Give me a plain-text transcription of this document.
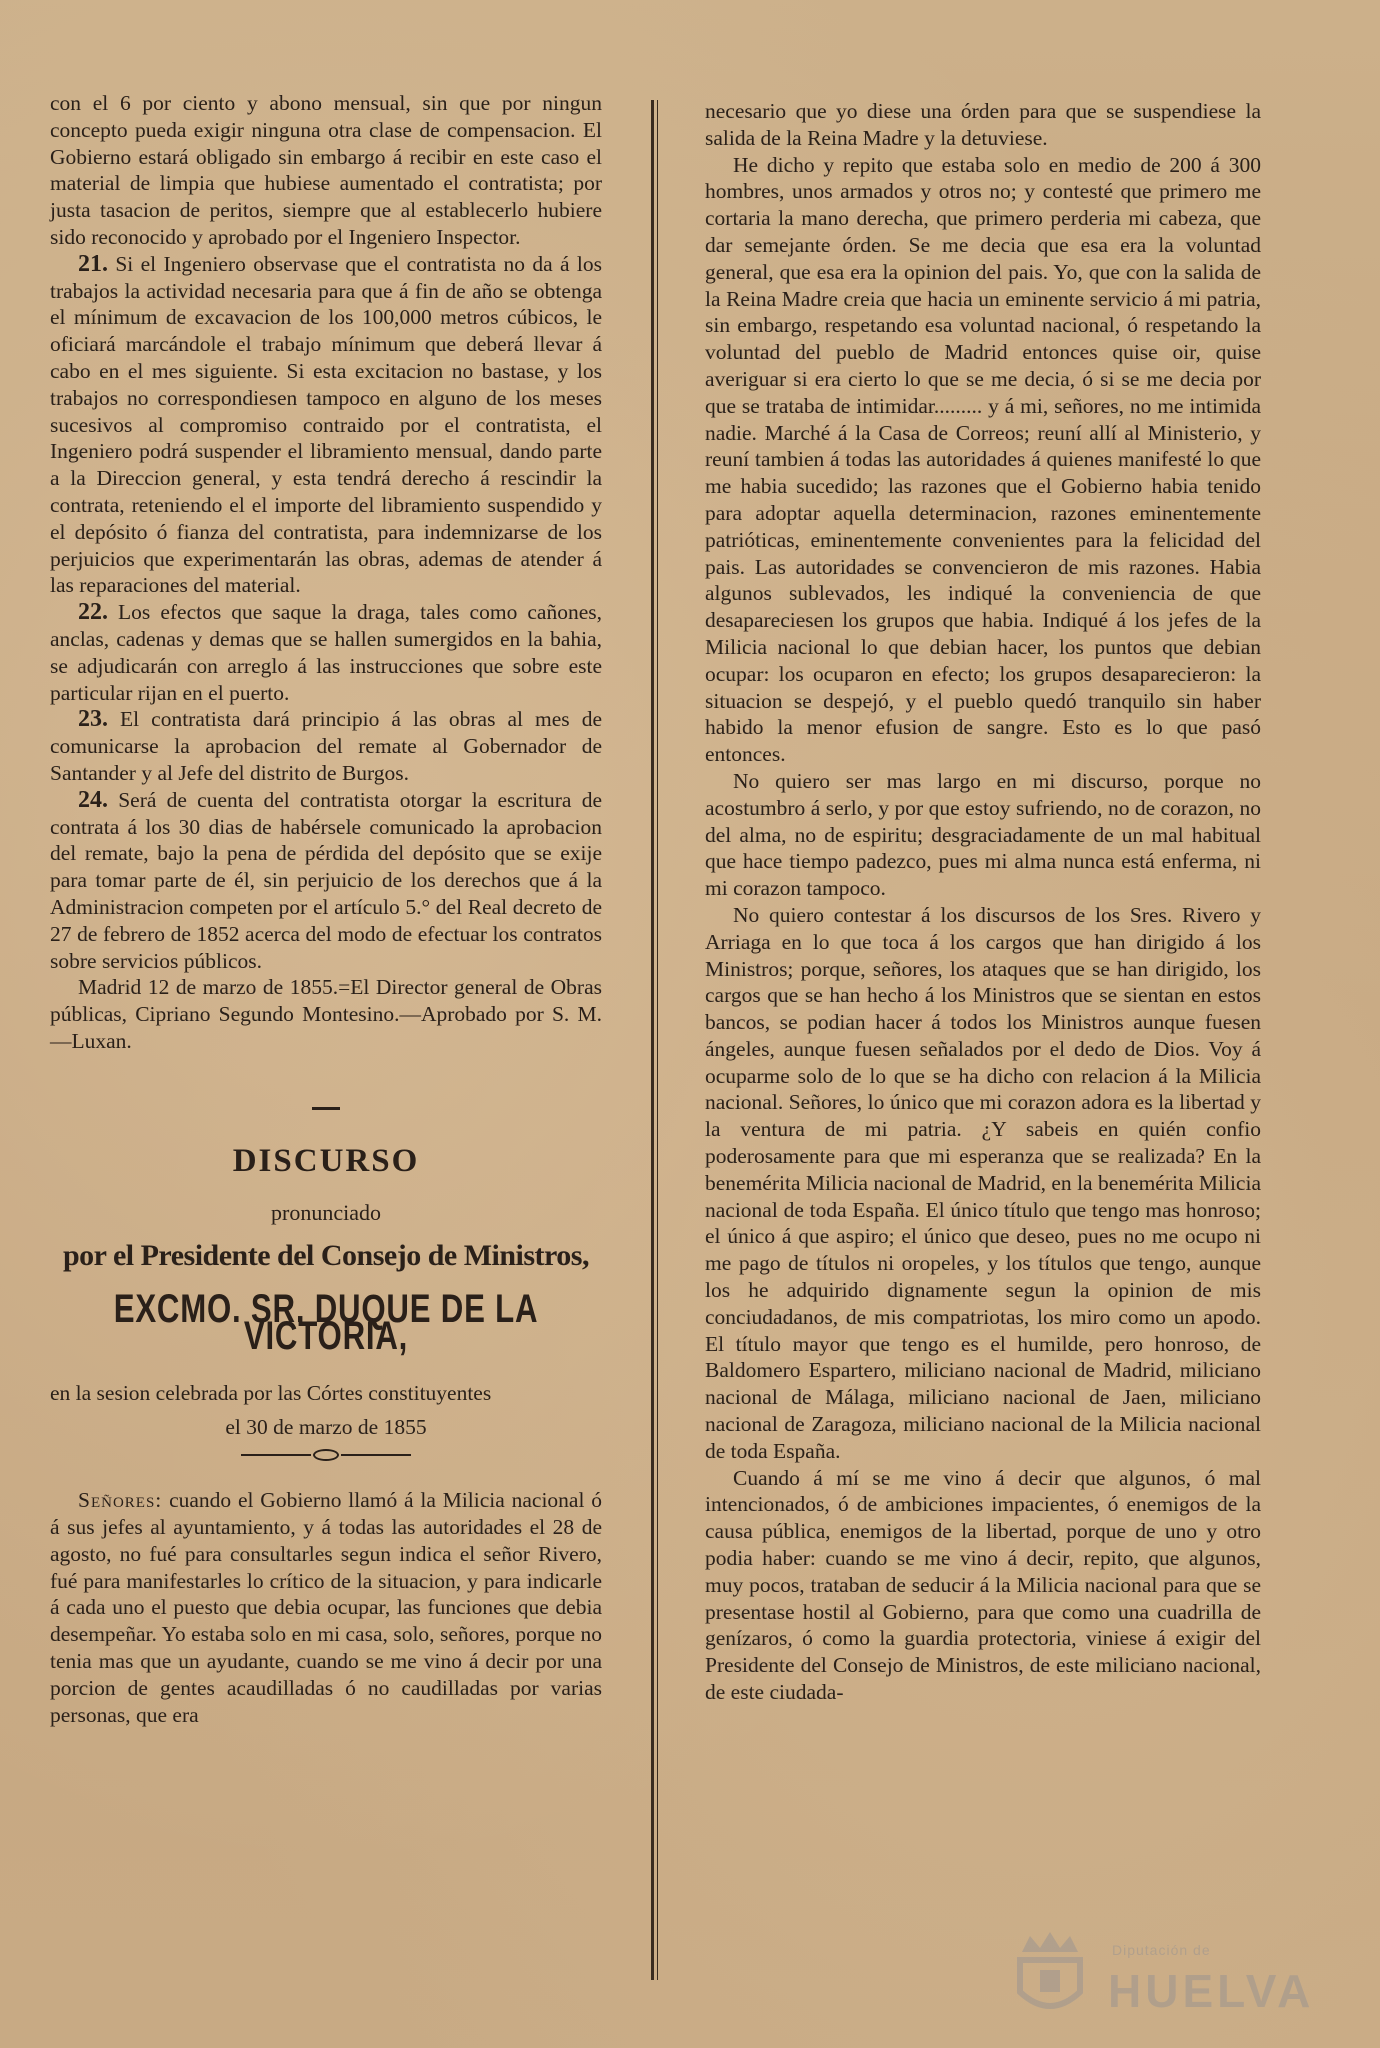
con el 6 por ciento y abono mensual, sin que por ningun concepto pueda exigir ninguna otra clase de compensacion. El Gobierno estará obligado sin embargo á recibir en este caso el material de limpia que hubiese aumentado el contratista; por justa tasacion de peritos, siempre que al establecerlo hubiere sido reconocido y aprobado por el Ingeniero Inspector.

21. Si el Ingeniero observase que el contratista no da á los trabajos la actividad necesaria para que á fin de año se obtenga el mínimum de excavacion de los 100,000 metros cúbicos, le oficiará marcándole el trabajo mínimum que deberá llevar á cabo en el mes siguiente. Si esta excitacion no bastase, y los trabajos no correspondiesen tampoco en alguno de los meses sucesivos al compromiso contraido por el contratista, el Ingeniero podrá suspender el libramiento mensual, dando parte a la Direccion general, y esta tendrá derecho á rescindir la contrata, reteniendo el el importe del libramiento suspendido y el depósito ó fianza del contratista, para indemnizarse de los perjuicios que experimentarán las obras, ademas de atender á las reparaciones del material.

22. Los efectos que saque la draga, tales como cañones, anclas, cadenas y demas que se hallen sumergidos en la bahia, se adjudicarán con arreglo á las instrucciones que sobre este particular rijan en el puerto.

23. El contratista dará principio á las obras al mes de comunicarse la aprobacion del remate al Gobernador de Santander y al Jefe del distrito de Burgos.

24. Será de cuenta del contratista otorgar la escritura de contrata á los 30 dias de habérsele comunicado la aprobacion del remate, bajo la pena de pérdida del depósito que se exije para tomar parte de él, sin perjuicio de los derechos que á la Administracion competen por el artículo 5.° del Real decreto de 27 de febrero de 1852 acerca del modo de efectuar los contratos sobre servicios públicos.

Madrid 12 de marzo de 1855.=El Director general de Obras públicas, Cipriano Segundo Montesino.—Aprobado por S. M.—Luxan.

DISCURSO
pronunciado
por el Presidente del Consejo de Ministros,
EXCMO. SR. DUQUE DE LA VICTORIA,
en la sesion celebrada por las Córtes constituyentes
el 30 de marzo de 1855

Señores: cuando el Gobierno llamó á la Milicia nacional ó á sus jefes al ayuntamiento, y á todas las autoridades el 28 de agosto, no fué para consultarles segun indica el señor Rivero, fué para manifestarles lo crítico de la situacion, y para indicarle á cada uno el puesto que debia ocupar, las funciones que debia desempeñar. Yo estaba solo en mi casa, solo, señores, porque no tenia mas que un ayudante, cuando se me vino á decir por una porcion de gentes acaudilladas ó no caudilladas por varias personas, que era

necesario que yo diese una órden para que se suspendiese la salida de la Reina Madre y la detuviese.

He dicho y repito que estaba solo en medio de 200 á 300 hombres, unos armados y otros no; y contesté que primero me cortaria la mano derecha, que primero perderia mi cabeza, que dar semejante órden. Se me decia que esa era la voluntad general, que esa era la opinion del pais. Yo, que con la salida de la Reina Madre creia que hacia un eminente servicio á mi patria, sin embargo, respetando esa voluntad nacional, ó respetando la voluntad del pueblo de Madrid entonces quise oir, quise averiguar si era cierto lo que se me decia, ó si se me decia por que se trataba de intimidar......... y á mi, señores, no me intimida nadie. Marché á la Casa de Correos; reuní allí al Ministerio, y reuní tambien á todas las autoridades á quienes manifesté lo que me habia sucedido; las razones que el Gobierno habia tenido para adoptar aquella determinacion, razones eminentemente patrióticas, eminentemente convenientes para la felicidad del pais. Las autoridades se convencieron de mis razones. Habia algunos sublevados, les indiqué la conveniencia de que desapareciesen los grupos que habia. Indiqué á los jefes de la Milicia nacional lo que debian hacer, los puntos que debian ocupar: los ocuparon en efecto; los grupos desaparecieron: la situacion se despejó, y el pueblo quedó tranquilo sin haber habido la menor efusion de sangre. Esto es lo que pasó entonces.

No quiero ser mas largo en mi discurso, porque no acostumbro á serlo, y por que estoy sufriendo, no de corazon, no del alma, no de espiritu; desgraciadamente de un mal habitual que hace tiempo padezco, pues mi alma nunca está enferma, ni mi corazon tampoco.

No quiero contestar á los discursos de los Sres. Rivero y Arriaga en lo que toca á los cargos que han dirigido á los Ministros; porque, señores, los ataques que se han dirigido, los cargos que se han hecho á los Ministros que se sientan en estos bancos, se podian hacer á todos los Ministros aunque fuesen ángeles, aunque fuesen señalados por el dedo de Dios. Voy á ocuparme solo de lo que se ha dicho con relacion á la Milicia nacional. Señores, lo único que mi corazon adora es la libertad y la ventura de mi patria. ¿Y sabeis en quién confio poderosamente para que mi esperanza que se realizada? En la benemérita Milicia nacional de Madrid, en la benemérita Milicia nacional de toda España. El único título que tengo mas honroso; el único á que aspiro; el único que deseo, pues no me ocupo ni me pago de títulos ni oropeles, y los títulos que tengo, aunque los he adquirido dignamente segun la opinion de mis conciudadanos, de mis compatriotas, los miro como un apodo. El título mayor que tengo es el humilde, pero honroso, de Baldomero Espartero, miliciano nacional de Madrid, miliciano nacional de Málaga, miliciano nacional de Jaen, miliciano nacional de Zaragoza, miliciano nacional de la Milicia nacional de toda España.

Cuando á mí se me vino á decir que algunos, ó mal intencionados, ó de ambiciones impacientes, ó enemigos de la causa pública, enemigos de la libertad, porque de uno y otro podia haber: cuando se me vino á decir, repito, que algunos, muy pocos, trataban de seducir á la Milicia nacional para que se presentase hostil al Gobierno, para que como una cuadrilla de genízaros, ó como la guardia protectoria, viniese á exigir del Presidente del Consejo de Ministros, de este miliciano nacional, de este ciudada-

Diputación de
HUELVA
